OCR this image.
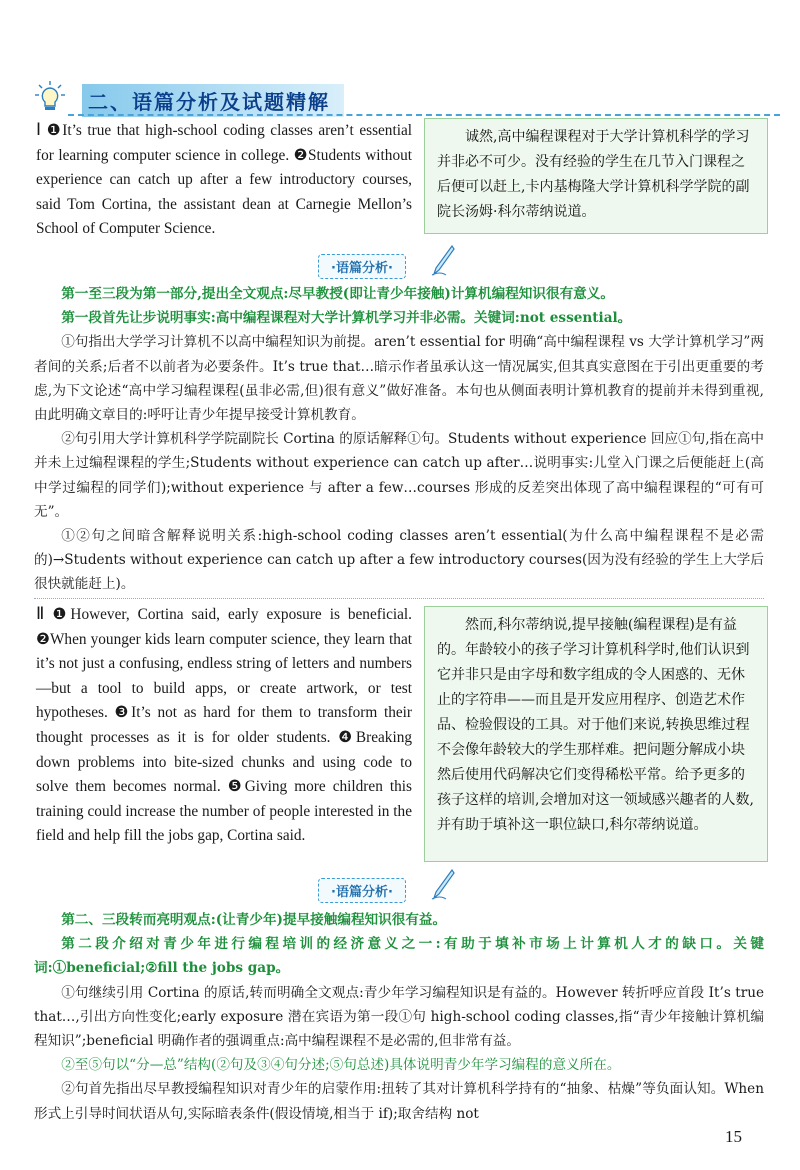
二、语篇分析及试题精解

Ⅰ ❶It’s true that high-school coding classes aren’t essential for learning computer science in college. ❷Students without experience can catch up after a few introductory courses, said Tom Cortina, the assistant dean at Carnegie Mellon’s School of Computer Science.

诚然,高中编程课程对于大学计算机科学的学习并非必不可少。没有经验的学生在几节入门课程之后便可以赶上,卡内基梅隆大学计算机科学学院的副院长汤姆·科尔蒂纳说道。
·语篇分析·

第一至三段为第一部分,提出全文观点:尽早教授(即让青少年接触)计算机编程知识很有意义。

第一段首先让步说明事实:高中编程课程对大学计算机学习并非必需。关键词:not essential。

①句指出大学学习计算机不以高中编程知识为前提。aren’t essential for 明确“高中编程课程 vs 大学计算机学习”两者间的关系;后者不以前者为必要条件。It’s true that…暗示作者虽承认这一情况属实,但其真实意图在于引出更重要的考虑,为下文论述“高中学习编程课程(虽非必需,但)很有意义”做好准备。本句也从侧面表明计算机教育的提前并未得到重视,由此明确文章目的:呼吁让青少年提早接受计算机教育。

②句引用大学计算机科学学院副院长 Cortina 的原话解释①句。Students without experience 回应①句,指在高中并未上过编程课程的学生;Students without experience can catch up after…说明事实:儿堂入门课之后便能赶上(高中学过编程的同学们);without experience 与 after a few…courses 形成的反差突出体现了高中编程课程的“可有可无”。

①②句之间暗含解释说明关系:high-school coding classes aren’t essential(为什么高中编程课程不是必需的)→Students without experience can catch up after a few introductory courses(因为没有经验的学生上大学后很快就能赶上)。

Ⅱ ❶However, Cortina said, early exposure is beneficial. ❷When younger kids learn computer science, they learn that it’s not just a confusing, endless string of letters and numbers—but a tool to build apps, or create artwork, or test hypotheses. ❸It’s not as hard for them to transform their thought processes as it is for older students. ❹Breaking down problems into bite-sized chunks and using code to solve them becomes normal. ❺Giving more children this training could increase the number of people interested in the field and help fill the jobs gap, Cortina said.

然而,科尔蒂纳说,提早接触(编程课程)是有益的。年龄较小的孩子学习计算机科学时,他们认识到它并非只是由字母和数字组成的令人困惑的、无休止的字符串——而且是开发应用程序、创造艺术作品、检验假设的工具。对于他们来说,转换思维过程不会像年龄较大的学生那样难。把问题分解成小块然后使用代码解决它们变得稀松平常。给予更多的孩子这样的培训,会增加对这一领域感兴趣者的人数,并有助于填补这一职位缺口,科尔蒂纳说道。
·语篇分析·

第二、三段转而亮明观点:(让青少年)提早接触编程知识很有益。

第二段介绍对青少年进行编程培训的经济意义之一:有助于填补市场上计算机人才的缺口。关键词:①beneficial;②fill the jobs gap。

①句继续引用 Cortina 的原话,转而明确全文观点:青少年学习编程知识是有益的。However 转折呼应首段 It’s true that…,引出方向性变化;early exposure 潜在宾语为第一段①句 high-school coding classes,指“青少年接触计算机编程知识”;beneficial 明确作者的强调重点:高中编程课程不是必需的,但非常有益。

②至⑤句以“分—总”结构(②句及③④句分述;⑤句总述)具体说明青少年学习编程的意义所在。

②句首先指出尽早教授编程知识对青少年的启蒙作用:扭转了其对计算机科学持有的“抽象、枯燥”等负面认知。When 形式上引导时间状语从句,实际暗表条件(假设情境,相当于 if);取舍结构 not

15
